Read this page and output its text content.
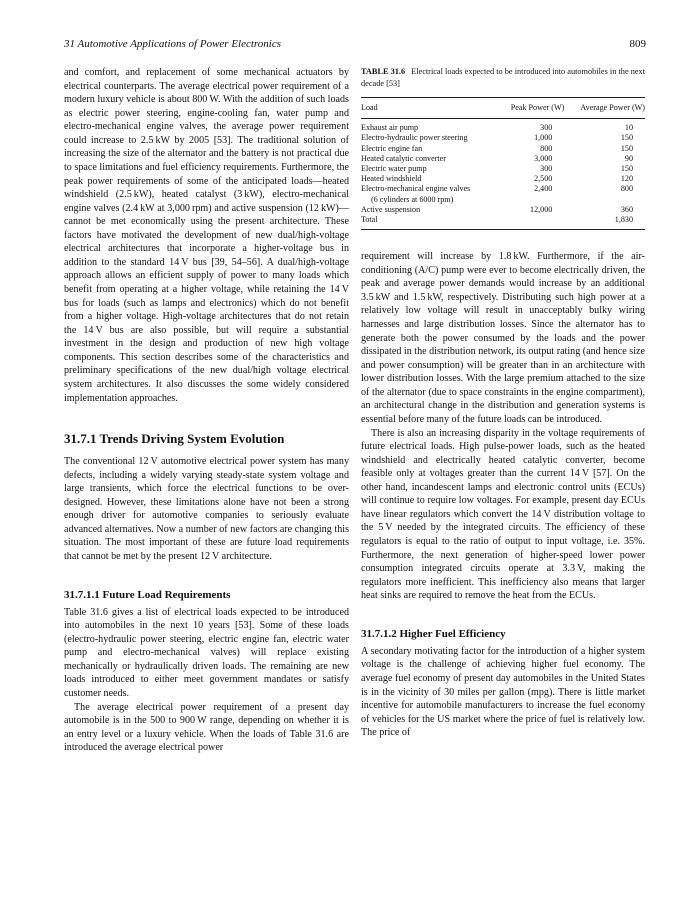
31 Automotive Applications of Power Electronics	809

and comfort, and replacement of some mechanical actuators by electrical counterparts. The average electrical power requirement of a modern luxury vehicle is about 800 W. With the addition of such loads as electric power steering, engine-cooling fan, water pump and electro-mechanical engine valves, the average power requirement could increase to 2.5 kW by 2005 [53]. The traditional solution of increasing the size of the alternator and the battery is not practical due to space limitations and fuel efficiency requirements. Furthermore, the peak power requirements of some of the anticipated loads—heated windshield (2.5 kW), heated catalyst (3 kW), electro-mechanical engine valves (2.4 kW at 3,000 rpm) and active suspension (12 kW)—cannot be met economically using the present architecture. These factors have motivated the development of new dual/high-voltage electrical architectures that incorporate a higher-voltage bus in addition to the standard 14 V bus [39, 54–56]. A dual/high-voltage approach allows an efficient supply of power to many loads which benefit from operating at a higher voltage, while retaining the 14 V bus for loads (such as lamps and electronics) which do not benefit from a higher voltage. High-voltage architectures that do not retain the 14 V bus are also possible, but will require a substantial investment in the design and production of new high voltage components. This section describes some of the characteristics and preliminary specifications of the new dual/high voltage electrical system architectures. It also discusses the some widely considered implementation approaches.

31.7.1 Trends Driving System Evolution

The conventional 12 V automotive electrical power system has many defects, including a widely varying steady-state system voltage and large transients, which force the electrical functions to be over-designed. However, these limitations alone have not been a strong enough driver for automotive companies to seriously evaluate advanced alternatives. Now a number of new factors are changing this situation. The most important of these are future load requirements that cannot be met by the present 12 V architecture.

31.7.1.1 Future Load Requirements

Table 31.6 gives a list of electrical loads expected to be introduced into automobiles in the next 10 years [53]. Some of these loads (electro-hydraulic power steering, electric engine fan, electric water pump and electro-mechanical valves) will replace existing mechanically or hydraulically driven loads. The remaining are new loads introduced to either meet government mandates or satisfy customer needs.

The average electrical power requirement of a present day automobile is in the 500 to 900 W range, depending on whether it is an entry level or a luxury vehicle. When the loads of Table 31.6 are introduced the average electrical power

TABLE 31.6 Electrical loads expected to be introduced into automobiles in the next decade [53]

Load	Peak Power (W)	Average Power (W)
Exhaust air pump	300	10
Electro-hydraulic power steering	1,000	150
Electric engine fan	800	150
Heated catalytic converter	3,000	90
Electric water pump	300	150
Heated windshield	2,500	120
Electro-mechanical engine valves
(6 cylinders at 6000 rpm)	2,400	800
Active suspension	12,000	360
Total		1,830

requirement will increase by 1.8 kW. Furthermore, if the air-conditioning (A/C) pump were ever to become electrically driven, the peak and average power demands would increase by an additional 3.5 kW and 1.5 kW, respectively. Distributing such high power at a relatively low voltage will result in unacceptably bulky wiring harnesses and large distribution losses. Since the alternator has to generate both the power consumed by the loads and the power dissipated in the distribution network, its output rating (and hence size and power consumption) will be greater than in an architecture with lower distribution losses. With the large premium attached to the size of the alternator (due to space constraints in the engine compartment), an architectural change in the distribution and generation systems is essential before many of the future loads can be introduced.

There is also an increasing disparity in the voltage requirements of future electrical loads. High pulse-power loads, such as the heated windshield and electrically heated catalytic converter, become feasible only at voltages greater than the current 14 V [57]. On the other hand, incandescent lamps and electronic control units (ECUs) will continue to require low voltages. For example, present day ECUs have linear regulators which convert the 14 V distribution voltage to the 5 V needed by the integrated circuits. The efficiency of these regulators is equal to the ratio of output to input voltage, i.e. 35%. Furthermore, the next generation of higher-speed lower power consumption integrated circuits operate at 3.3 V, making the regulators more inefficient. This inefficiency also means that larger heat sinks are required to remove the heat from the ECUs.

31.7.1.2 Higher Fuel Efficiency

A secondary motivating factor for the introduction of a higher system voltage is the challenge of achieving higher fuel economy. The average fuel economy of present day automobiles in the United States is in the vicinity of 30 miles per gallon (mpg). There is little market incentive for automobile manufacturers to increase the fuel economy of vehicles for the US market where the price of fuel is relatively low. The price of
